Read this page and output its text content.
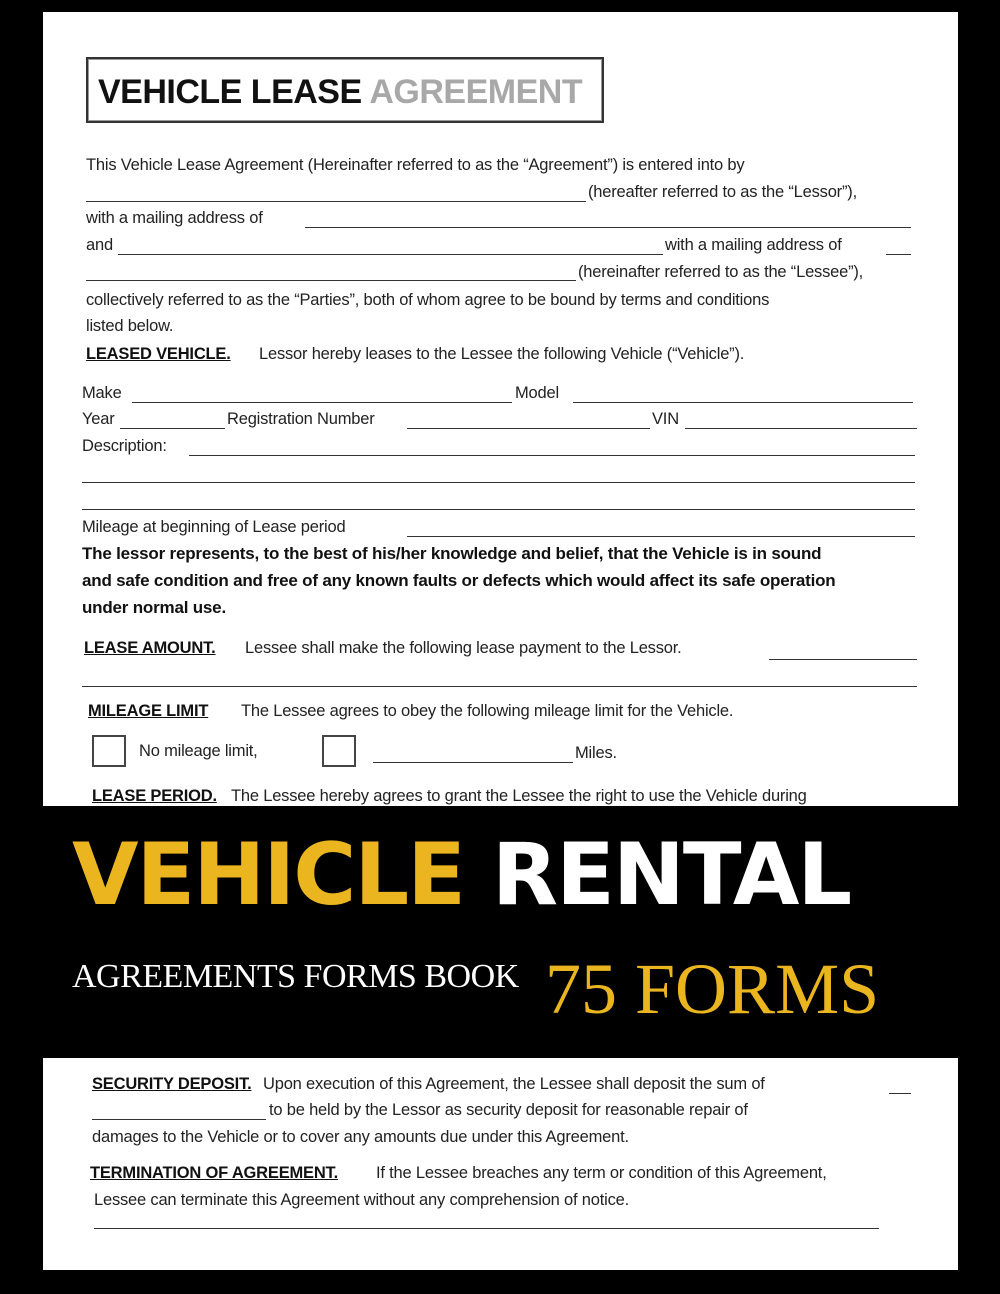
VEHICLE LEASE AGREEMENT
This Vehicle Lease Agreement (Hereinafter referred to as the “Agreement”) is entered into by
(hereafter referred to as the “Lessor”),
with a mailing address of
and	with a mailing address of
(hereinafter referred to as the “Lessee”),
collectively referred to as the “Parties”, both of whom agree to be bound by terms and conditions
listed below.
LEASED VEHICLE. Lessor hereby leases to the Lessee the following Vehicle (“Vehicle”).
Make	Model
Year	Registration Number	VIN
Description:
Mileage at beginning of Lease period
The lessor represents, to the best of his/her knowledge and belief, that the Vehicle is in sound
and safe condition and free of any known faults or defects which would affect its safe operation
under normal use.
LEASE AMOUNT. Lessee shall make the following lease payment to the Lessor.
MILEAGE LIMIT The Lessee agrees to obey the following mileage limit for the Vehicle.
No mileage limit,	Miles.
LEASE PERIOD. The Lessee hereby agrees to grant the Lessee the right to use the Vehicle during
VEHICLE RENTAL
AGREEMENTS FORMS BOOK 75 FORMS
SECURITY DEPOSIT. Upon execution of this Agreement, the Lessee shall deposit the sum of
to be held by the Lessor as security deposit for reasonable repair of
damages to the Vehicle or to cover any amounts due under this Agreement.
TERMINATION OF AGREEMENT. If the Lessee breaches any term or condition of this Agreement,
Lessee can terminate this Agreement without any comprehension of notice.
